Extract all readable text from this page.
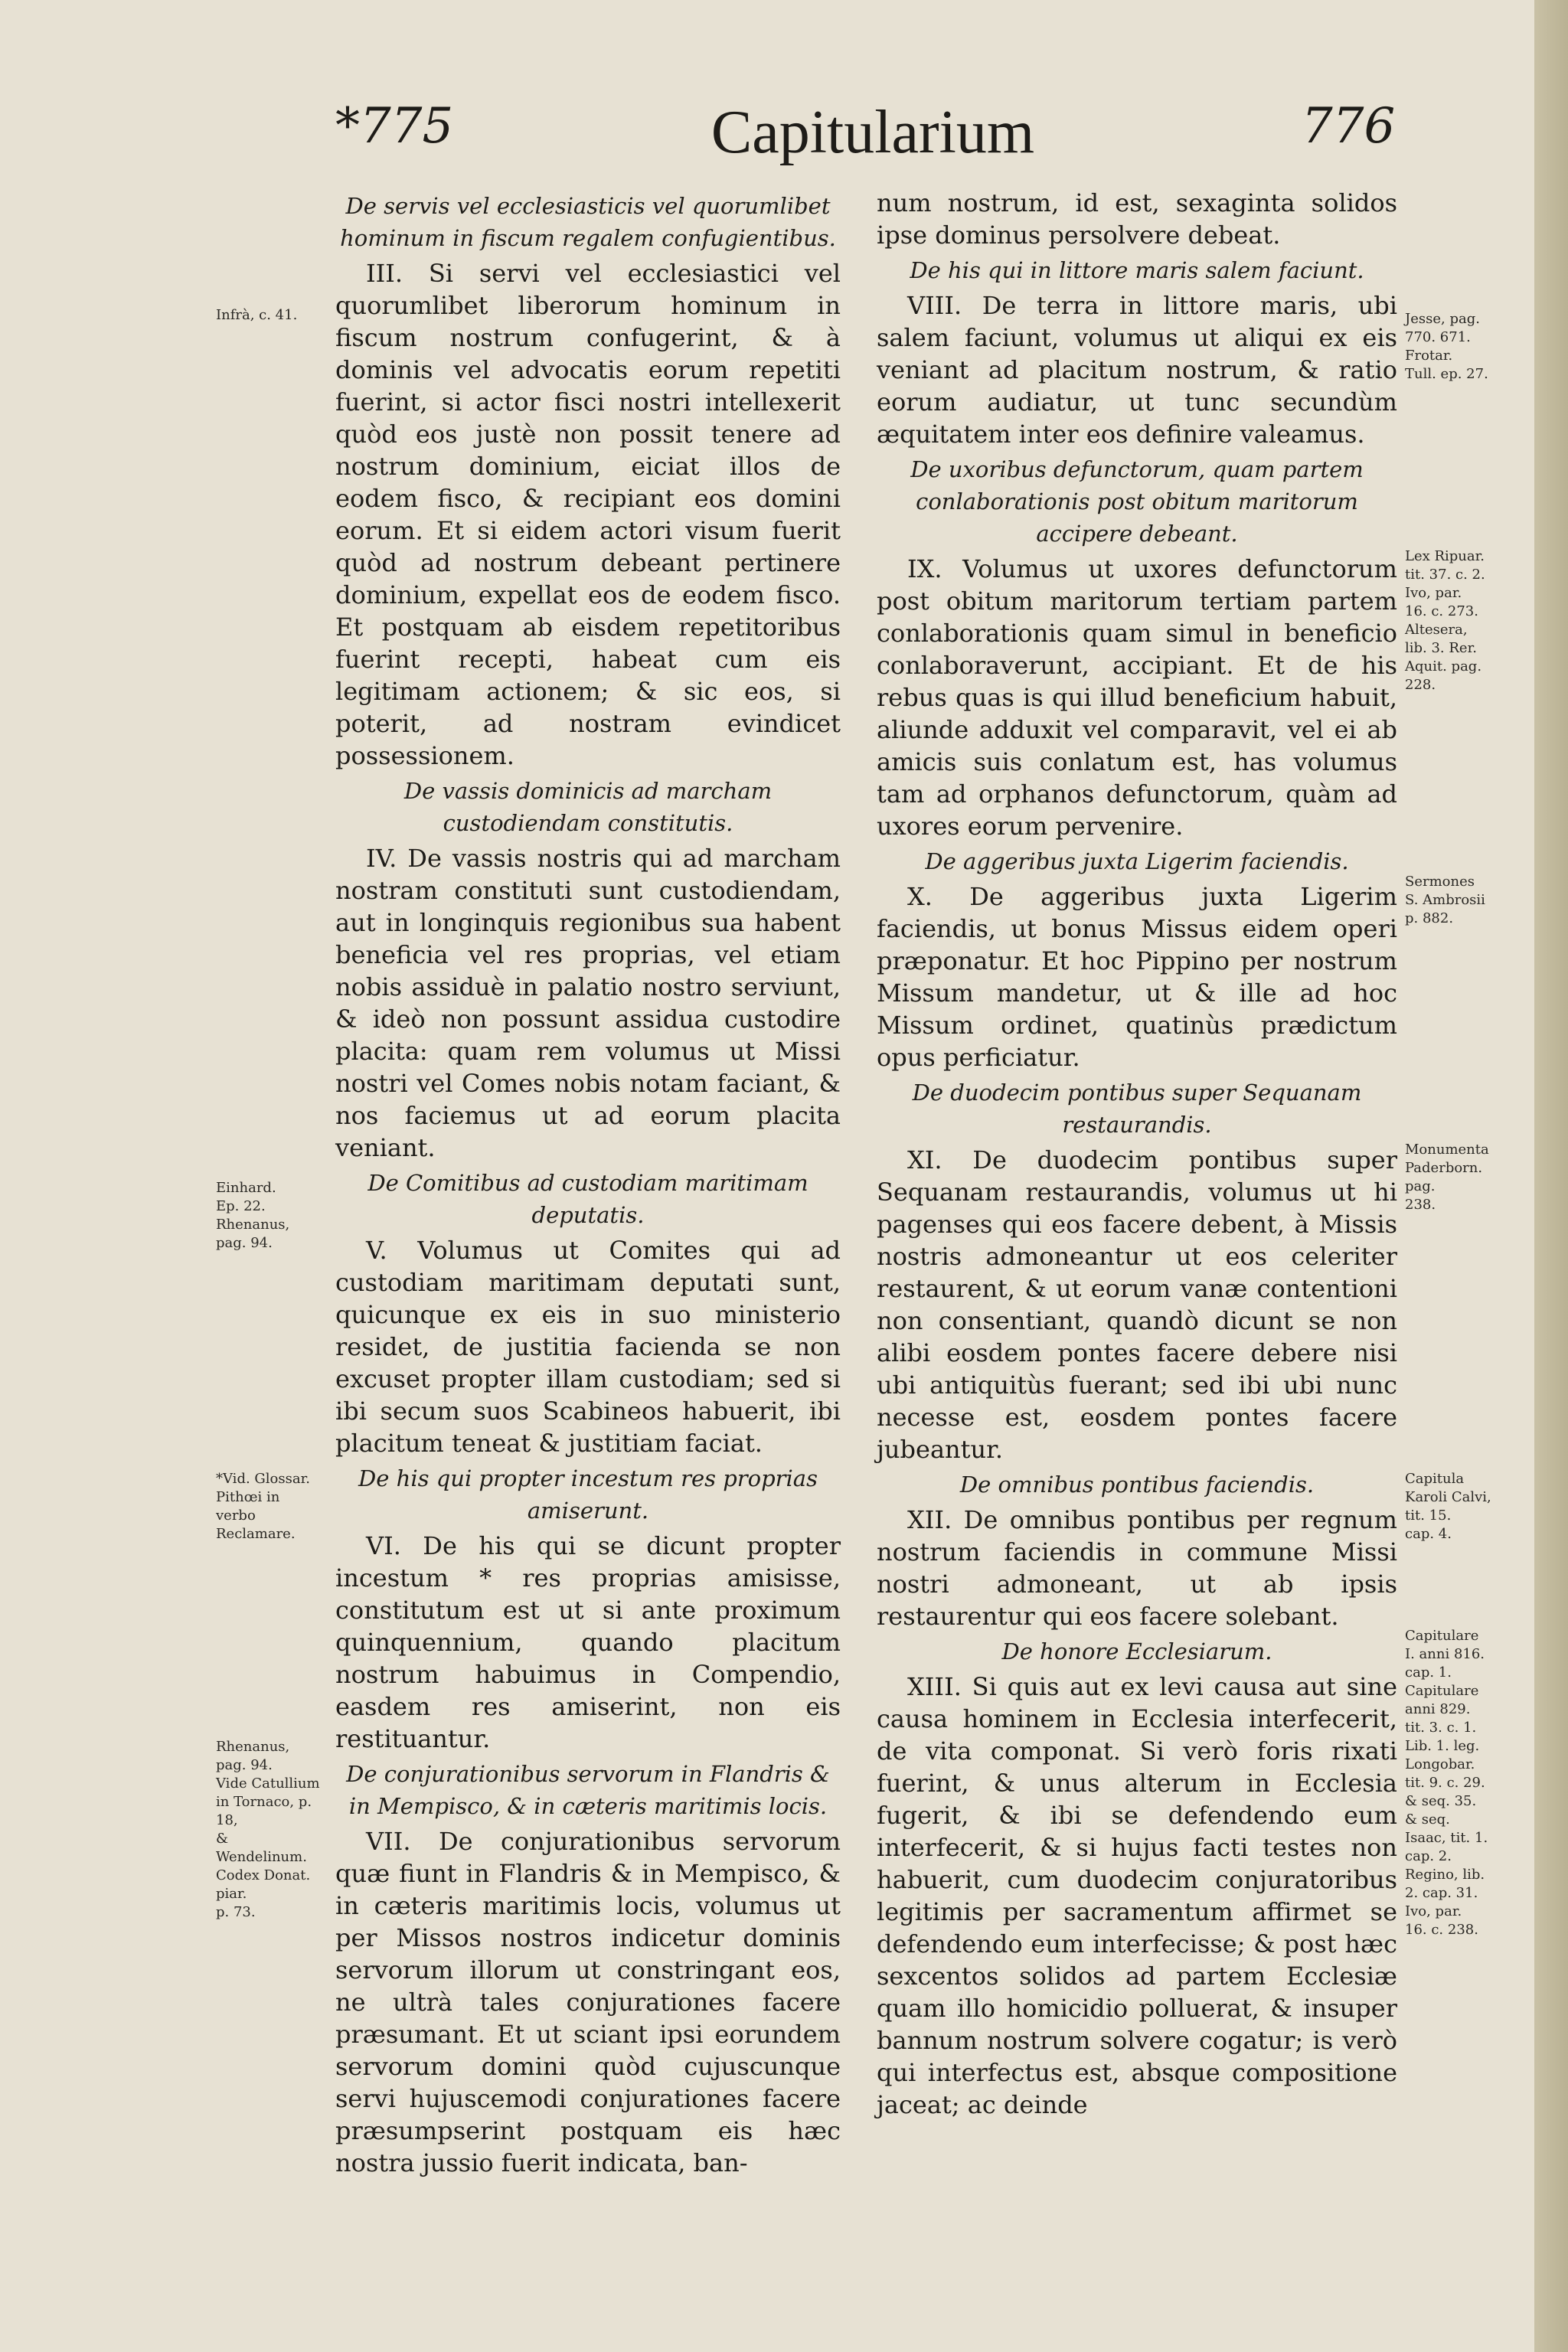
*775	Capitularium	776
De servis vel ecclesiasticis vel quorumlibet hominum in fiscum regalem confugientibus.

III. Si servi vel ecclesiastici vel quorumlibet liberorum hominum in fiscum nostrum confugerint, & à dominis vel advocatis eorum repetiti fuerint, si actor fisci nostri intellexerit quòd eos justè non possit tenere ad nostrum dominium, eiciat illos de eodem fisco, & recipiant eos domini eorum. Et si eidem actori visum fuerit quòd ad nostrum debeant pertinere dominium, expellat eos de eodem fisco. Et postquam ab eisdem repetitoribus fuerint recepti, habeat cum eis legitimam actionem; & sic eos, si poterit, ad nostram evindicet possessionem.

De vassis dominicis ad marcham custodiendam constitutis.

IV. De vassis nostris qui ad marcham nostram constituti sunt custodiendam, aut in longinquis regionibus sua habent beneficia vel res proprias, vel etiam nobis assiduè in palatio nostro serviunt, & ideò non possunt assidua custodire placita: quam rem volumus ut Missi nostri vel Comes nobis notam faciant, & nos faciemus ut ad eorum placita veniant.

De Comitibus ad custodiam maritimam deputatis.

V. Volumus ut Comites qui ad custodiam maritimam deputati sunt, quicunque ex eis in suo ministerio residet, de justitia facienda se non excuset propter illam custodiam; sed si ibi secum suos Scabineos habuerit, ibi placitum teneat & justitiam faciat.

De his qui propter incestum res proprias amiserunt.

VI. De his qui se dicunt propter incestum * res proprias amisisse, constitutum est ut si ante proximum quinquennium, quando placitum nostrum habuimus in Compendio, easdem res amiserint, non eis restituantur.

De conjurationibus servorum in Flandris & in Mempisco, & in cæteris maritimis locis.

VII. De conjurationibus servorum quæ fiunt in Flandris & in Mempisco, & in cæteris maritimis locis, volumus ut per Missos nostros indicetur dominis servorum illorum ut constringant eos, ne ultrà tales conjurationes facere præsumant. Et ut sciant ipsi eorundem servorum domini quòd cujuscunque servi hujuscemodi conjurationes facere præsumpserint postquam eis hæc nostra jussio fuerit indicata, ban-

num nostrum, id est, sexaginta solidos ipse dominus persolvere debeat.

De his qui in littore maris salem faciunt.

VIII. De terra in littore maris, ubi salem faciunt, volumus ut aliqui ex eis veniant ad placitum nostrum, & ratio eorum audiatur, ut tunc secundùm æquitatem inter eos definire valeamus.

De uxoribus defunctorum, quam partem conlaborationis post obitum maritorum accipere debeant.

IX. Volumus ut uxores defunctorum post obitum maritorum tertiam partem conlaborationis quam simul in beneficio conlaboraverunt, accipiant. Et de his rebus quas is qui illud beneficium habuit, aliunde adduxit vel comparavit, vel ei ab amicis suis conlatum est, has volumus tam ad orphanos defunctorum, quàm ad uxores eorum pervenire.

De aggeribus juxta Ligerim faciendis.

X. De aggeribus juxta Ligerim faciendis, ut bonus Missus eidem operi præponatur. Et hoc Pippino per nostrum Missum mandetur, ut & ille ad hoc Missum ordinet, quatinùs prædictum opus perficiatur.

De duodecim pontibus super Sequanam restaurandis.

XI. De duodecim pontibus super Sequanam restaurandis, volumus ut hi pagenses qui eos facere debent, à Missis nostris admoneantur ut eos celeriter restaurent, & ut eorum vanæ contentioni non consentiant, quandò dicunt se non alibi eosdem pontes facere debere nisi ubi antiquitùs fuerant; sed ibi ubi nunc necesse est, eosdem pontes facere jubeantur.

De omnibus pontibus faciendis.

XII. De omnibus pontibus per regnum nostrum faciendis in commune Missi nostri admoneant, ut ab ipsis restaurentur qui eos facere solebant.

De honore Ecclesiarum.

XIII. Si quis aut ex levi causa aut sine causa hominem in Ecclesia interfecerit, de vita componat. Si verò foris rixati fuerint, & unus alterum in Ecclesia fugerit, & ibi se defendendo eum interfecerit, & si hujus facti testes non habuerit, cum duodecim conjuratoribus legitimis per sacramentum affirmet se defendendo eum interfecisse; & post hæc sexcentos solidos ad partem Ecclesiæ quam illo homicidio polluerat, & insuper bannum nostrum solvere cogatur; is verò qui interfectus est, absque compositione jaceat; ac deinde

Infrà, c. 41.
Einhard.
Ep. 22.
Rhenanus,
pag. 94.
*Vid. Glossar. Pithœi in verbo Reclamare.
Rhenanus,
pag. 94.
Vide Catullium in Tornaco, p. 18,
& Wendelinum.
Codex Donat. piar.
p. 73.
Jesse, pag. 770. 671.
Frotar.
Tull. ep. 27.
Lex Ripuar.
tit. 37. c. 2.
Ivo, par.
16. c. 273.
Altesera,
lib. 3. Rer.
Aquit. pag.
228.
Sermones
S. Ambrosii
p. 882.
Monumenta Paderborn. pag.
238.
Capitula
Karoli Calvi, tit. 15.
cap. 4.
Capitulare
I. anni 816.
cap. 1.
Capitulare
anni 829.
tit. 3. c. 1.
Lib. 1. leg.
Longobar.
tit. 9. c. 29.
& seq. 35.
& seq.
Isaac, tit. 1.
cap. 2.
Regino, lib.
2. cap. 31.
Ivo, par.
16. c. 238.
